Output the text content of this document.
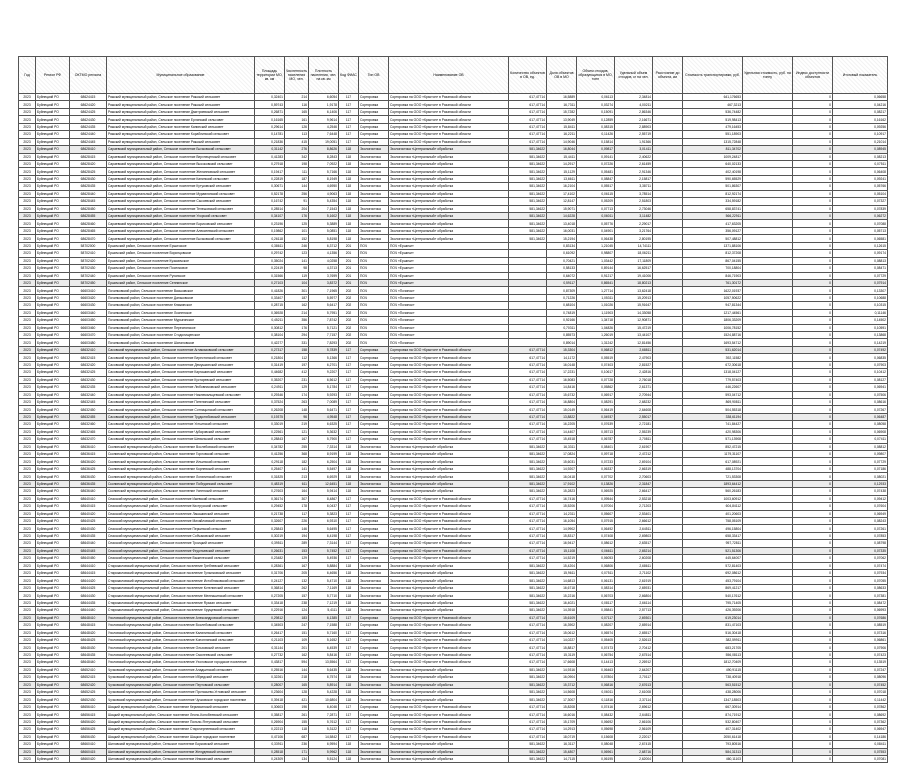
Год	Регион РФ	ОКТМО региона	Муниципальное образование	Площадь территории МО, кв. км	Численность населения МО, чел.	Плотность населения, чел. на кв. км	Код ФИАС	Тип ОВ	Наименование ОВ	Количество объектов в ОВ, ед.	Доля объектов ОВ в МО	Объем отходов, образующихся в МО, тонн	Удельный объем отходов, кг на чел.	Расстояние до объекта, км	Стоимость транспортировки, руб.	Удельная стоимость, руб. на тонну	Индекс доступности объектов	Итоговый показатель
2023	Буйнецкий РО	68624415	Ряжский муниципальный район, Сельское поселение Ряжский сельсовет	0,32401	214	6,6054	117	Сортировка	Сортировка на ООО «Крастон» в Рязанской области	617,47714	16,5889	0,06113	2,34814		641,176653		0	0,06658
2023	Буйнецкий РО	68624420	Ряжский муниципальный район, Сельское поселение Ряжский сельсовет	0,59743	116	1,9178	117	Сортировка	Сортировка на ООО «Крастон» в Рязанской области	617,47714	16,7311	0,03274	4,00211		467,3213		0	0,04216
2023	Буйнецкий РО	68624425	Ряжский муниципальный район, Сельское поселение Дмитриевский сельсовет	0,26871	165	6,1406	117	Сортировка	Сортировка на ООО «Крастон» в Рязанской области	617,47714	15,7282	0,15091	2,86346		536,74482		0	0,08217
2023	Буйнецкий РО	68624430	Ряжский муниципальный район, Сельское поселение Ерлинский сельсовет	0,16165	161	9,9614	117	Сортировка	Сортировка на ООО «Крастон» в Рязанской области	617,47714	13,9049	0,12859	2,16671		519,98413		0	0,16162
2023	Буйнецкий РО	68624435	Ряжский муниципальный район, Сельское поселение Канинский сельсовет	0,29614	126	4,2546	117	Сортировка	Сортировка на ООО «Крастон» в Рязанской области	617,47714	15,8411	0,08315	2,88903		479,16453		0	0,09256
2023	Буйнецкий РО	68624440	Ряжский муниципальный район, Сельское поселение Кораблинский сельсовет	0,14781	113	7,6448	117	Сортировка	Сортировка на ООО «Крастон» в Рязанской области	617,47714	16,2211	0,11426	2,55719		551,18903		0	0,10917
2023	Буйнецкий РО	68624445	Ряжский муниципальный район, Сельское поселение Ряжский сельсовет	0,21836	415	19,0051	117	Сортировка	Сортировка на ООО «Крастон» в Рязанской области	617,47714	14,9046	0,15814	1,91366		1315,72848		0	0,21014
2023	Буйнецкий РО	68628410	Сараевский муниципальный район, Сельское поселение Бычковский сельсовет	0,31142	276	8,8626	118	Экологистика	Экологистика «Центральный» обработка	581,34622	16,8044	0,09817	3,01411		811,34702		0	0,08945
2023	Буйнецкий РО	68628415	Сараевский муниципальный район, Сельское поселение Верхнеценский сельсовет	0,41283	342	8,2843	118	Экологистика	Экологистика «Центральный» обработка	581,34622	15,4411	0,09141	2,40622		1009,24817		0	0,08213
2023	Буйнецкий РО	68628420	Сараевский муниципальный район, Сельское поселение Высоковский сельсовет	0,27918	198	7,0922	118	Экологистика	Экологистика «Центральный» обработка	581,34622	14,2917	0,07226	2,61459		640,02133		0	0,07511
2023	Буйнецкий РО	68628425	Сараевский муниципальный район, Сельское поселение Желанновский сельсовет	0,19417	111	5,7166	118	Экологистика	Экологистика «Центральный» обработка	581,34622	15,1129	0,05481	2,91346		402,40198		0	0,06408
2023	Буйнецкий РО	68628430	Сараевский муниципальный район, Сельское поселение Канинский сельсовет	0,22819	187	8,1949	118	Экологистика	Экологистика «Центральный» обработка	581,34622	13,6611	0,08847	2,15817		590,65529		0	0,09241
2023	Буйнецкий РО	68628435	Сараевский муниципальный район, Сельское поселение Кутуковский сельсовет	0,30671	144	4,6950	118	Экологистика	Экологистика «Центральный» обработка	581,34622	16,2104	0,05517	3,38711		501,86307		0	0,05766
2023	Буйнецкий РО	68628440	Сараевский муниципальный район, Сельское поселение Муравлянский сельсовет	0,52178	256	4,9063	118	Экологистика	Экологистика «Центральный» обработка	581,34622	17,4102	0,06115	3,78514		812,92174		0	0,05104
2023	Буйнецкий РО	68628445	Сараевский муниципальный район, Сельское поселение Сысоевский сельсовет	0,16742	91	5,4354	118	Экологистика	Экологистика «Центральный» обработка	581,34622	12,8147	0,05209	2,51803		334,59182		0	0,07327
2023	Буйнецкий РО	68628450	Сараевский муниципальный район, Сельское поселение Телешовский сельсовет	0,28514	204	7,1543	118	Экологистика	Экологистика «Центральный» обработка	581,34622	15,9071	0,07713	2,73046		658,83741		0	0,07839
2023	Буйнецкий РО	68628455	Сараевский муниципальный район, Сельское поселение Ухорский сельсовет	0,34107	176	5,1602	118	Экологистика	Экологистика «Центральный» обработка	581,34622	14,6228	0,06011	3,11482		566,22911		0	0,06272
2023	Буйнецкий РО	68628460	Сараевский муниципальный район, Сельское поселение Борисовский сельсовет	0,23196	125	5,3889	118	Экологистика	Экологистика «Центральный» обработка	581,34622	13,4018	0,05776	2,29017		417,63205		0	0,07088
2023	Буйнецкий РО	68628465	Сараевский муниципальный район, Сельское поселение Алексеевский сельсовет	0,19862	101	5,0851	118	Экологистика	Экологистика «Центральный» обработка	581,34622	16,0031	0,04901	3,21764		356,09127		0	0,05713
2023	Буйнецкий РО	68628470	Сараевский муниципальный район, Сельское поселение Бычковский сельсовет	0,26118	152	5,8198	118	Экологистика	Экологистика «Центральный» обработка	581,34622	15,2194	0,06438	2,80195		507,48812		0	0,06581
2023	Буйнецкий РО	58702000	Ершичский район, Сельское поселение Ершичское	0,38611	246	6,3712	201	ПОЧ	ПОЧ «Ершичи»		0,83134	1,21045	14,74111		1371,88106		0	0,12615
2023	Буйнецкий РО	58702410	Ершичский район, Сельское поселение Воронцовское	0,29742	123	4,1356	201	ПОЧ	ПОЧ «Ершичи»		0,61092	0,98807	18,06211		812,37208		0	0,09174
2023	Буйнецкий РО	58702420	Ершичский район, Сельское поселение Кузьмичское	0,35024	141	4,0258	201	ПОЧ	ПОЧ «Ершичи»		0,70421	1,03442	17,11809		867,04155		0	0,08813
2023	Буйнецкий РО	58702430	Ершичский район, Сельское поселение Поселковое	0,22419	98	4,3713	201	ПОЧ	ПОЧ «Ершичи»		0,58133	0,89144	16,62517		700,18804		0	0,08471
2023	Буйнецкий РО	58702440	Ершичский район, Сельское поселение Руханское	0,31566	119	3,7699	201	ПОЧ	ПОЧ «Ершичи»		0,64072	0,91217	19,41006		846,71903		0	0,07729
2023	Буйнецкий РО	58702450	Ершичский район, Сельское поселение Сеннинское	0,27103	104	3,8372	201	ПОЧ	ПОЧ «Ершичи»		0,59117	0,86541	18,80213		761,30172		0	0,07914
2023	Буйнецкий РО	66603410	Починковский район, Сельское поселение Васьковское	0,41826	301	7,1965	202	ПОЧ	ПОЧ «Починок»		0,87309	1,27714	13,62418		1622,01937		0	0,13307
2023	Буйнецкий РО	66603420	Починковский район, Сельское поселение Даньковское	0,33407	187	5,5977	202	ПОЧ	ПОЧ «Починок»		0,71226	1,05311	15,20913		1057,50622		0	0,10688
2023	Буйнецкий РО	66603430	Починковский район, Сельское поселение Княжинское	0,28715	162	5,6417	202	ПОЧ	ПОЧ «Починок»		0,68104	1,01026	15,91647		947,81344		0	0,10315
2023	Буйнецкий РО	66603440	Починковский район, Сельское поселение Лосненское	0,36928	214	5,7951	202	ПОЧ	ПОЧ «Починок»		0,74819	1,11903	14,33058		1217,44561		0	0,11146
2023	Буйнецкий РО	66603450	Починковский район, Сельское поселение Мурыгинское	0,45211	356	7,8742	202	ПОЧ	ПОЧ «Починок»		0,92166	1,34718	12,90871		1806,33209		0	0,14502
2023	Буйнецкий РО	66603460	Починковский район, Сельское поселение Переснянское	0,30812	176	5,7121	202	ПОЧ	ПОЧ «Починок»		0,70311	1,04826	15,47219		1006,78152		0	0,10591
2023	Буйнецкий РО	66603470	Починковский район, Сельское поселение Стодолищенское	0,38104	294	7,7157	202	ПОЧ	ПОЧ «Починок»		0,85573	1,26019	13,44107		1524,88716		0	0,13868
2023	Буйнецкий РО	66603480	Починковский район, Сельское поселение Шаталовское	0,42277	331	7,8293	202	ПОЧ	ПОЧ «Починок»		0,89014	1,31242	12,81456		1693,54712		0	0,14219
2023	Буйнецкий РО	68632410	Сасовский муниципальный район, Сельское поселение Агламазовский сельсовет	0,27317	158	5,7839	117	Сортировка	Сортировка на ООО «Крастон» в Рязанской области	617,47714	15,3304	0,06812	2,68811		531,62014		0	0,07492
2023	Буйнецкий РО	68632415	Сасовский муниципальный район, Сельское поселение Берестянский сельсовет	0,21804	112	5,1366	117	Сортировка	Сортировка на ООО «Крастон» в Рязанской области	617,47714	14,1172	0,05519	2,47903		392,11582		0	0,06835
2023	Буйнецкий РО	68632420	Сасовский муниципальный район, Сельское поселение Демушкинский сельсовет	0,31419	197	6,2701	117	Сортировка	Сортировка на ООО «Крастон» в Рязанской области	617,47714	16,0148	0,07403	2,81527		672,30618		0	0,07903
2023	Буйнецкий РО	68632425	Сасовский муниципальный район, Сельское поселение Каргашинский сельсовет	0,44682	412	9,2207	117	Сортировка	Сортировка на ООО «Крастон» в Рязанской области	617,47714	17,2231	0,10617	2,42816		1318,04127		0	0,10412
2023	Буйнецкий РО	68632430	Сасовский муниципальный район, Сельское поселение Кустаревский сельсовет	0,35207	231	6,5612	117	Сортировка	Сортировка на ООО «Крастон» в Рязанской области	617,47714	16,5083	0,07728	2,76018		779,57403		0	0,08127
2023	Буйнецкий РО	68632435	Сасовский муниципальный район, Сельское поселение Любовниковский сельсовет	0,24911	129	5,1784	117	Сортировка	Сортировка на ООО «Крастон» в Рязанской области	617,47714	14,8416	0,05862	2,61371		446,22607		0	0,06941
2023	Буйнецкий РО	68632440	Сасовский муниципальный район, Сельское поселение Нижнемальцевский сельсовет	0,29346	174	5,9293	117	Сортировка	Сортировка на ООО «Крастон» в Рязанской области	617,47714	15,6732	0,06917	2,70944		593,04712		0	0,07506
2023	Буйнецкий РО	68632445	Сасовский муниципальный район, Сельское поселение Пителинский сельсовет	0,37524	263	7,0089	117	Сортировка	Сортировка на ООО «Крастон» в Рязанской области	617,47714	16,8804	0,08291	2,68232		869,90811		0	0,08616
2023	Буйнецкий РО	68632450	Сасовский муниципальный район, Сельское поселение Сотницынский сельсовет	0,26208	148	5,6471	117	Сортировка	Сортировка на ООО «Крастон» в Рязанской области	617,47714	15,0149	0,06419	2,64608		504,55318		0	0,07267
2023	Буйнецкий РО	68632455	Сасовский муниципальный район, Сельское поселение Трудолюбовский сельсовет	0,19375	96	4,9548	117	Сортировка	Сортировка на ООО «Крастон» в Рязанской области	617,47714	13,8822	0,04937	2,55017		338,61194		0	0,06487
2023	Буйнецкий РО	68632460	Сасовский муниципальный район, Сельское поселение Устьинский сельсовет	0,33019	219	6,6325	117	Сортировка	Сортировка на ООО «Крастон» в Рязанской области	617,47714	16,2205	0,07639	2,72181		741,84427		0	0,08058
2023	Буйнецкий РО	68632465	Сасовский муниципальный район, Сельское поселение Чубаровский сельсовет	0,22561	121	5,3632	117	Сортировка	Сортировка на ООО «Крастон» в Рязанской области	617,47714	14,4407	0,05713	2,55239		420,98306		0	0,06908
2023	Буйнецкий РО	68632470	Сасовский муниципальный район, Сельское поселение Шевальский сельсовет	0,28843	167	5,7900	117	Сортировка	Сортировка на ООО «Крастон» в Рязанской области	617,47714	15,4518	0,06787	2,70811		571,13908		0	0,07411
2023	Буйнецкий РО	68636410	Скопинский муниципальный район, Сельское поселение Вослебовский сельсовет	0,34782	255	7,3314	118	Экологистика	Экологистика «Центральный» обработка	581,34622	16,3311	0,08401	2,61907		852,47215		0	0,08812
2023	Буйнецкий РО	68636415	Скопинский муниципальный район, Сельское поселение Горловский сельсовет	0,41256	368	8,9199	118	Экологистика	Экологистика «Центральный» обработка	581,34622	17,0824	0,09718	2,47212		1179,31107		0	0,09807
2023	Буйнецкий РО	68636420	Скопинский муниципальный район, Сельское поселение Ильинский сельсовет	0,29118	182	6,2504	118	Экологистика	Экологистика «Центральный» обработка	581,34622	15,6031	0,07233	2,69104		617,08921		0	0,07729
2023	Буйнецкий РО	68636425	Скопинский муниципальный район, Сельское поселение Корневский сельсовет	0,25407	141	5,5497	118	Экологистика	Экологистика «Центральный» обработка	581,34622	14,9207	0,06337	2,66319		488,13704		0	0,07186
2023	Буйнецкий РО	68636430	Скопинский муниципальный район, Сельское поселение Лопатинский сельсовет	0,31825	213	6,6929	118	Экологистика	Экологистика «Центральный» обработка	581,34622	16,0418	0,07702	2,70603		721,53308		0	0,08021
2023	Буйнецкий РО	68636435	Скопинский муниципальный район, Сельское поселение Побединский сельсовет	0,48319	611	12,6451	118	Экологистика	Экологистика «Центральный» обработка	581,34622	17,9102	0,13826	2,31847		1893,64412		0	0,12933
2023	Буйнецкий РО	68636440	Скопинский муниципальный район, Сельское поселение Успенский сельсовет	0,27603	164	5,9414	118	Экологистика	Экологистика «Центральный» обработка	581,34622	15,2823	0,06925	2,66417		560,26183		0	0,07438
2023	Буйнецкий РО	68640410	Спасский муниципальный район, Сельское поселение Ижевский сельсовет	0,36174	307	8,4867	117	Сортировка	Сортировка на ООО «Крастон» в Рязанской области	617,47714	16,7416	0,09544	2,53218		1003,60912		0	0,09412
2023	Буйнецкий РО	68640415	Спасский муниципальный район, Сельское поселение Киструсский сельсовет	0,29452	178	6,0437	117	Сортировка	Сортировка на ООО «Крастон» в Рязанской области	617,47714	15,5206	0,07004	2,71203		604,84112		0	0,07604
2023	Буйнецкий РО	68640420	Спасский муниципальный район, Сельское поселение Лакашинский сельсовет	0,21738	117	5,3823	117	Сортировка	Сортировка на ООО «Крастон» в Рязанской области	617,47714	14,2311	0,05607	2,53401		401,20603		0	0,06949
2023	Буйнецкий РО	68640425	Спасский муниципальный район, Сельское поселение Михайловский сельсовет	0,32607	226	6,9310	117	Сортировка	Сортировка на ООО «Крастон» в Рязанской области	617,47714	16,1054	0,07915	2,66612		758,05109		0	0,08243
2023	Буйнецкий РО	68640430	Спасский муниципальный район, Сельское поселение Перкинский сельсовет	0,25843	146	5,6495	117	Сортировка	Сортировка на ООО «Крастон» в Рязанской области	617,47714	14,9902	0,06492	2,64511		496,15804		0	0,07261
2023	Буйнецкий РО	68640435	Спасский муниципальный район, Сельское поселение Собчаковский сельсовет	0,30219	194	6,4198	117	Сортировка	Сортировка на ООО «Крастон» в Рязанской области	617,47714	15,8317	0,07408	2,69803		658,33417		0	0,07853
2023	Буйнецкий РО	68640440	Спасский муниципальный район, Сельское поселение Троицкий сельсовет	0,39511	289	7,3144	117	Сортировка	Сортировка на ООО «Крастон» в Рязанской области	617,47714	16,9417	0,08612	2,63517		957,72811		0	0,08798
2023	Буйнецкий РО	68640445	Спасский муниципальный район, Сельское поселение Федотьевский сельсовет	0,26631	153	5,7452	117	Сортировка	Сортировка на ООО «Крастон» в Рязанской области	617,47714	15,1108	0,06611	2,65214		521,51306		0	0,07335
2023	Буйнецкий РО	68640450	Спасский муниципальный район, Сельское поселение Выжелесский сельсовет	0,23482	129	5,4936	117	Сортировка	Сортировка на ООО «Крастон» в Рязанской области	617,47714	14,5219	0,06053	2,60208		445,64007		0	0,07062
2023	Буйнецкий РО	68644410	Старожиловский муниципальный район, Сельское поселение Гребневский сельсовет	0,28361	167	5,8884	118	Экологистика	Экологистика «Центральный» обработка	581,34622	15,4204	0,06806	2,68611		572,81403		0	0,07474
2023	Буйнецкий РО	68644415	Старожиловский муниципальный район, Сельское поселение Гулынковский сельсовет	0,31706	205	6,4656	118	Экологистика	Экологистика «Центральный» обработка	581,34622	15,9611	0,07511	2,71102		692,08612		0	0,07934
2023	Буйнецкий РО	68644420	Старожиловский муниципальный район, Сельское поселение Истобниковский сельсовет	0,24127	132	5,4710	118	Экологистика	Экологистика «Центральный» обработка	581,34622	14,6813	0,06131	2,61919		453,79104		0	0,07055
2023	Буйнецкий РО	68644425	Старожиловский муниципальный район, Сельское поселение Котелинский сельсовет	0,36814	262	7,1169	118	Экологистика	Экологистика «Центральный» обработка	581,34622	16,6718	0,08314	2,65931		869,41217		0	0,08633
2023	Буйнецкий РО	68644430	Старожиловский муниципальный район, Сельское поселение Мелекшинский сельсовет	0,27205	157	5,7710	118	Экологистика	Экологистика «Центральный» обработка	581,34622	15,2216	0,06703	2,66804		540,17612		0	0,07381
2023	Буйнецкий РО	68644435	Старожиловский муниципальный район, Сельское поселение Ryazan сельсовет	0,33418	238	7,1219	118	Экологистика	Экологистика «Центральный» обработка	581,34622	16,4021	0,08117	2,66114		795,71405		0	0,08472
2023	Буйнецкий РО	68644440	Старожиловский муниципальный район, Сельское поселение Хрущевский сельсовет	0,22916	124	5,4111	118	Экологистика	Экологистика «Центральный» обработка	581,34622	14,3918	0,05841	2,57713		426,39206		0	0,06993
2023	Буйнецкий РО	68648410	Ухоловский муниципальный район, Сельское поселение Александровский сельсовет	0,29812	183	6,1385	117	Сортировка	Сортировка на ООО «Крастон» в Рязанской области	617,47714	15,6109	0,07117	2,69301		619,23014		0	0,07686
2023	Буйнецкий РО	68648415	Ухоловский муниципальный район, Сельское поселение Вослебовский сельсовет	0,34503	247	7,1588	117	Сортировка	Сортировка на ООО «Крастон» в Рязанской области	617,47714	16,3902	0,08207	2,65914		831,47103		0	0,08519
2023	Буйнецкий РО	68648420	Ухоловский муниципальный район, Сельское поселение Калининский сельсовет	0,26417	151	5,7160	117	Сортировка	Сортировка на ООО «Крастон» в Рязанской области	617,47714	15,0612	0,06574	2,65517		516,30418		0	0,07316
2023	Буйнецкий РО	68648425	Ухоловский муниципальный район, Сельское поселение Коноплинский сельсовет	0,21103	109	5,1652	117	Сортировка	Сортировка на ООО «Крастон» в Рязанской области	617,47714	14,0227	0,05405	2,52613		382,59911		0	0,06861
2023	Буйнецкий РО	68648430	Ухоловский муниципальный район, Сельское поселение Ольховский сельсовет	0,31144	201	6,4539	117	Сортировка	Сортировка на ООО «Крастон» в Рязанской области	617,47714	15,8817	0,07473	2,70412		683,21705		0	0,07906
2023	Буйнецкий РО	68648435	Ухоловский муниципальный район, Сельское поселение Смолеевский сельсовет	0,27732	162	5,8416	117	Сортировка	Сортировка на ООО «Крастон» в Рязанской области	617,47714	15,3119	0,06754	2,67514		556,08113		0	0,07423
2023	Буйнецкий РО	68648440	Ухоловский муниципальный район, Сельское поселение Ухоловское городское поселение	0,43817	594	13,5564	117	Сортировка	Сортировка на ООО «Крастон» в Рязанской области	617,47714	17,6608	0,14413	2,26912		1812,70409		0	0,13519
2023	Буйнецкий РО	68652410	Чучковский муниципальный район, Сельское поселение Аладьинский сельсовет	0,25516	144	5,6435	118	Экологистика	Экологистика «Центральный» обработка	581,34622	14,9316	0,06463	2,64207		490,91115		0	0,07247
2023	Буйнецкий РО	68652415	Чучковский муниципальный район, Сельское поселение Ибредский сельсовет	0,32261	218	6,7574	118	Экологистика	Экологистика «Центральный» обработка	581,34622	16,0904	0,07804	2,70117		738,40918		0	0,08096
2023	Буйнецкий РО	68652420	Чучковский муниципальный район, Сельское поселение Пертовский сельсовет	0,28007	165	5,8914	118	Экологистика	Экологистика «Центральный» обработка	581,34622	15,3712	0,06816	2,67613		563,51512		0	0,07452
2023	Буйнецкий РО	68652425	Чучковский муниципальный район, Сельское поселение Протасьево-Угловский сельсовет	0,23604	128	5,4228	118	Экологистика	Экологистика «Центральный» обработка	581,34622	14,5608	0,06011	2,61008		438,28006		0	0,07018
2023	Буйнецкий РО	68652430	Чучковский муниципальный район, Сельское поселение Чучковское городское поселение	0,39418	421	10,6804	118	Экологистика	Экологистика «Центральный» обработка	581,34622	17,3007	0,11816	2,37114		1347,18503		0	0,11442
2023	Буйнецкий РО	68656410	Шацкий муниципальный район, Сельское поселение Кермисинский сельсовет	0,30603	196	6,4046	117	Сортировка	Сортировка на ООО «Крастон» в Рязанской области	617,47714	15,8208	0,07416	2,69612		667,30914		0	0,07862
2023	Буйнецкий РО	68656415	Шацкий муниципальный район, Сельское поселение Лесно-Конобеевский сельсовет	0,35817	261	7,2871	117	Сортировка	Сортировка на ООО «Крастон» в Рязанской области	617,47714	16,6016	0,08432	2,64811		874,71912		0	0,08692
2023	Буйнецкий РО	68656420	Шацкий муниципальный район, Сельское поселение Польно-Ялтуновский сельсовет	0,26904	155	5,7612	117	Сортировка	Сортировка на ООО «Крастон» в Рязанской области	617,47714	15,1709	0,06692	2,66106		532,80407		0	0,07362
2023	Буйнецкий РО	68656425	Шацкий муниципальный район, Сельское поселение Старочернеевский сельсовет	0,22213	118	5,3122	117	Сортировка	Сортировка на ООО «Крастон» в Рязанской области	617,47714	14,2913	0,05698	2,56109		407,31402		0	0,06947
2023	Буйнецкий РО	68656430	Шацкий муниципальный район, Сельское поселение Шацкое городское поселение	0,47106	687	14,5842	117	Сортировка	Сортировка на ООО «Крастон» в Рязанской области	617,47714	18,0719	0,15608	2,22017		2050,61418		0	0,14186
2023	Буйнецкий РО	68660410	Шиловский муниципальный район, Сельское поселение Борковский сельсовет	0,33911	236	6,9594	118	Экологистика	Экологистика «Центральный» обработка	581,34622	16,3117	0,08048	2,67415		793,80516		0	0,08411
2023	Буйнецкий РО	68660415	Шиловский муниципальный район, Сельское поселение Желудевский сельсовет	0,28518	171	5,9962	118	Экологистика	Экологистика «Центральный» обработка	581,34622	15,4807	0,06961	2,68716		584,31313		0	0,07553
2023	Буйнецкий РО	68660420	Шиловский муниципальный район, Сельское поселение Инякинский сельсовет	0,24309	134	5,5124	118	Экологистика	Экологистика «Центральный» обработка	581,34622	14,7115	0,06195	2,62004		460,11103		0	0,07081
